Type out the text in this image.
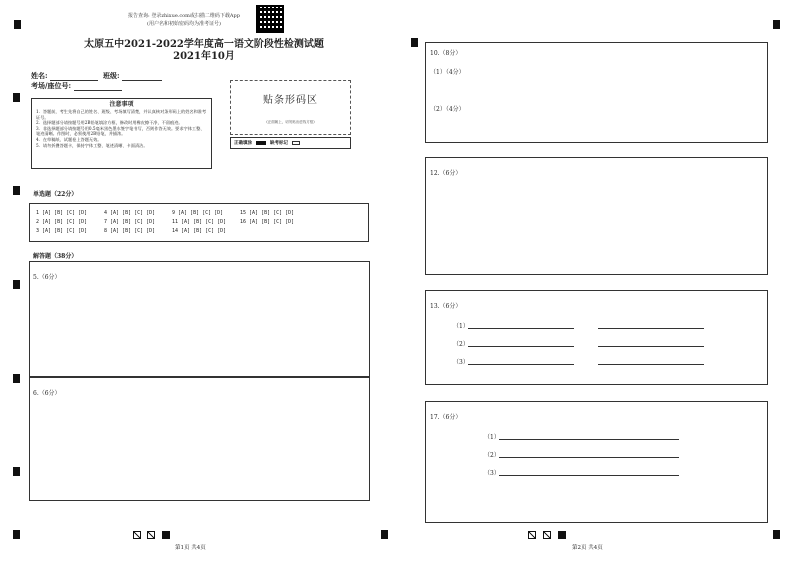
报告查询: 登录zhixue.com或扫描二维码下载App
(用户名和初始密码均为准考证号)
太原五中2021-2022学年度高一语文阶段性检测试题
2021年10月
姓名:	班级:
考场/座位号:
注意事项
1．答题前，考生先将自己的姓名、班级、考场填写清楚，并认真核对条形码上的姓名和准考证号。
2．选择题部分请按题号用2B铅笔填涂方框，修改时用橡皮擦干净，不留痕迹。
3．非选择题部分请按题号用0.5毫米黑色墨水签字笔书写，否则作答无效。要求字体工整、笔迹清晰。作图时，必须使用2B铅笔，并描浓。
4．在草稿纸、试题卷上答题无效。
5．请勿折叠答题卡，保持字体工整、笔迹清晰、卡面清洁。
贴条形码区
(正面朝上，切勿贴出虚线方框)
正确填涂	缺考标记
单选题（22分）
1 [A] [B] [C] [D]	4 [A] [B] [C] [D]	9 [A] [B] [C] [D]	15 [A] [B] [C] [D]
2 [A] [B] [C] [D]	7 [A] [B] [C] [D]	11 [A] [B] [C] [D]	16 [A] [B] [C] [D]
3 [A] [B] [C] [D]	8 [A] [B] [C] [D]	14 [A] [B] [C] [D]
解答题（38分）
5.（6分）
6.（6分）
10.（8分）
（1）（4分）
（2）（4分）
12.（6分）
13.（6分）
（1）
（2）
（3）
17.（6分）
（1）
（2）
（3）
第1页 共4页	第2页 共4页
